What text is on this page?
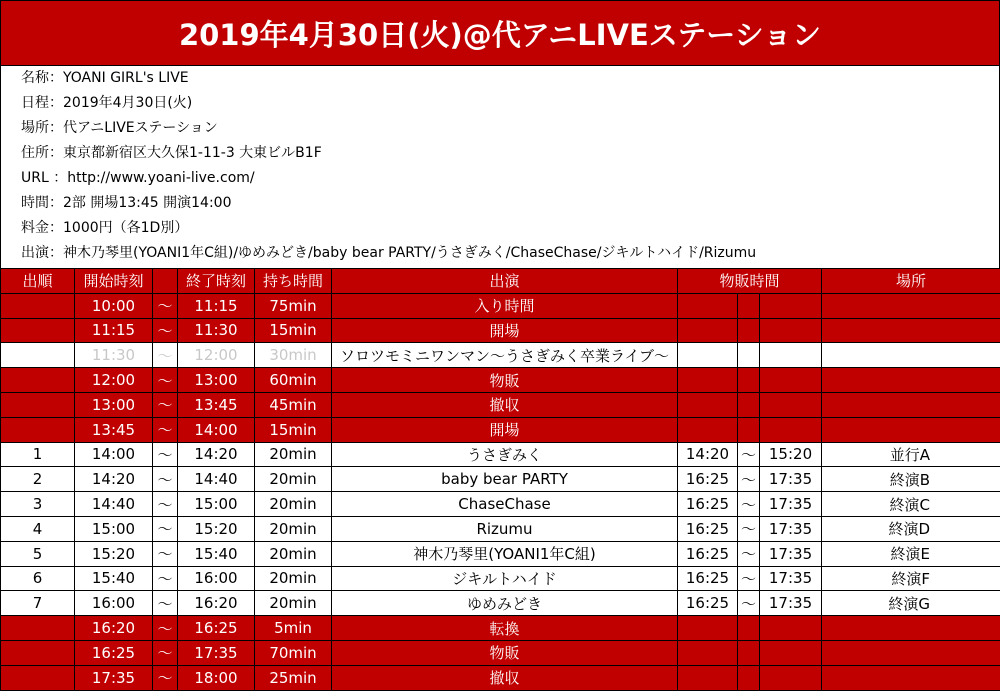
2019年4月30日(火)@代アニLIVEステーション
名称：YOANI GIRL's LIVE
日程：2019年4月30日(火)
場所：代アニLIVEステーション
住所：東京都新宿区大久保1-11-3 大東ビルB1F
URL ：http://www.yoani-live.com/
時間：2部 開場13:45 開演14:00
料金：1000円（各1D別）
出演：神木乃琴里(YOANI1年C組)/ゆめみどき/baby bear PARTY/うさぎみく/ChaseChase/ジキルトハイド/Rizumu
出順	開始時刻		終了時刻	持ち時間	出演	物販時間			場所
	10:00	～	11:15	75min	入り時間				
	11:15	～	11:30	15min	開場				
	11:30	～	12:00	30min	ソロツモミニワンマン～うさぎみく卒業ライブ～				
	12:00	～	13:00	60min	物販				
	13:00	～	13:45	45min	撤収				
	13:45	～	14:00	15min	開場				
1	14:00	～	14:20	20min	うさぎみく	14:20	～	15:20	並行A
2	14:20	～	14:40	20min	baby bear PARTY	16:25	～	17:35	終演B
3	14:40	～	15:00	20min	ChaseChase	16:25	～	17:35	終演C
4	15:00	～	15:20	20min	Rizumu	16:25	～	17:35	終演D
5	15:20	～	15:40	20min	神木乃琴里(YOANI1年C組)	16:25	～	17:35	終演E
6	15:40	～	16:00	20min	ジキルトハイド	16:25	～	17:35	終演F
7	16:00	～	16:20	20min	ゆめみどき	16:25	～	17:35	終演G
	16:20	～	16:25	5min	転換				
	16:25	～	17:35	70min	物販				
	17:35	～	18:00	25min	撤収				
